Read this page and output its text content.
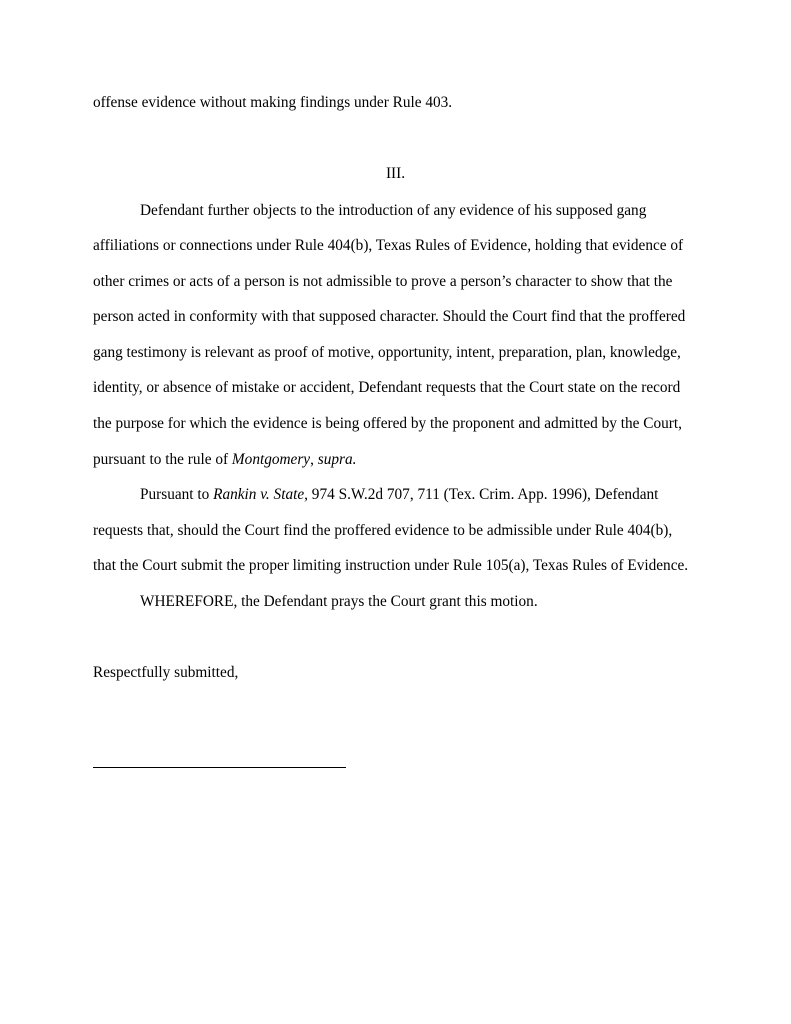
offense evidence without making findings under Rule 403.
III.
Defendant further objects to the introduction of any evidence of his supposed gang
affiliations or connections under Rule 404(b), Texas Rules of Evidence, holding that evidence of
other crimes or acts of a person is not admissible to prove a person’s character to show that the
person acted in conformity with that supposed character. Should the Court find that the proffered
gang testimony is relevant as proof of motive, opportunity, intent, preparation, plan, knowledge,
identity, or absence of mistake or accident, Defendant requests that the Court state on the record
the purpose for which the evidence is being offered by the proponent and admitted by the Court,
pursuant to the rule of Montgomery, supra.
Pursuant to Rankin v. State, 974 S.W.2d 707, 711 (Tex. Crim. App. 1996), Defendant
requests that, should the Court find the proffered evidence to be admissible under Rule 404(b),
that the Court submit the proper limiting instruction under Rule 105(a), Texas Rules of Evidence.
WHEREFORE, the Defendant prays the Court grant this motion.
Respectfully submitted,
